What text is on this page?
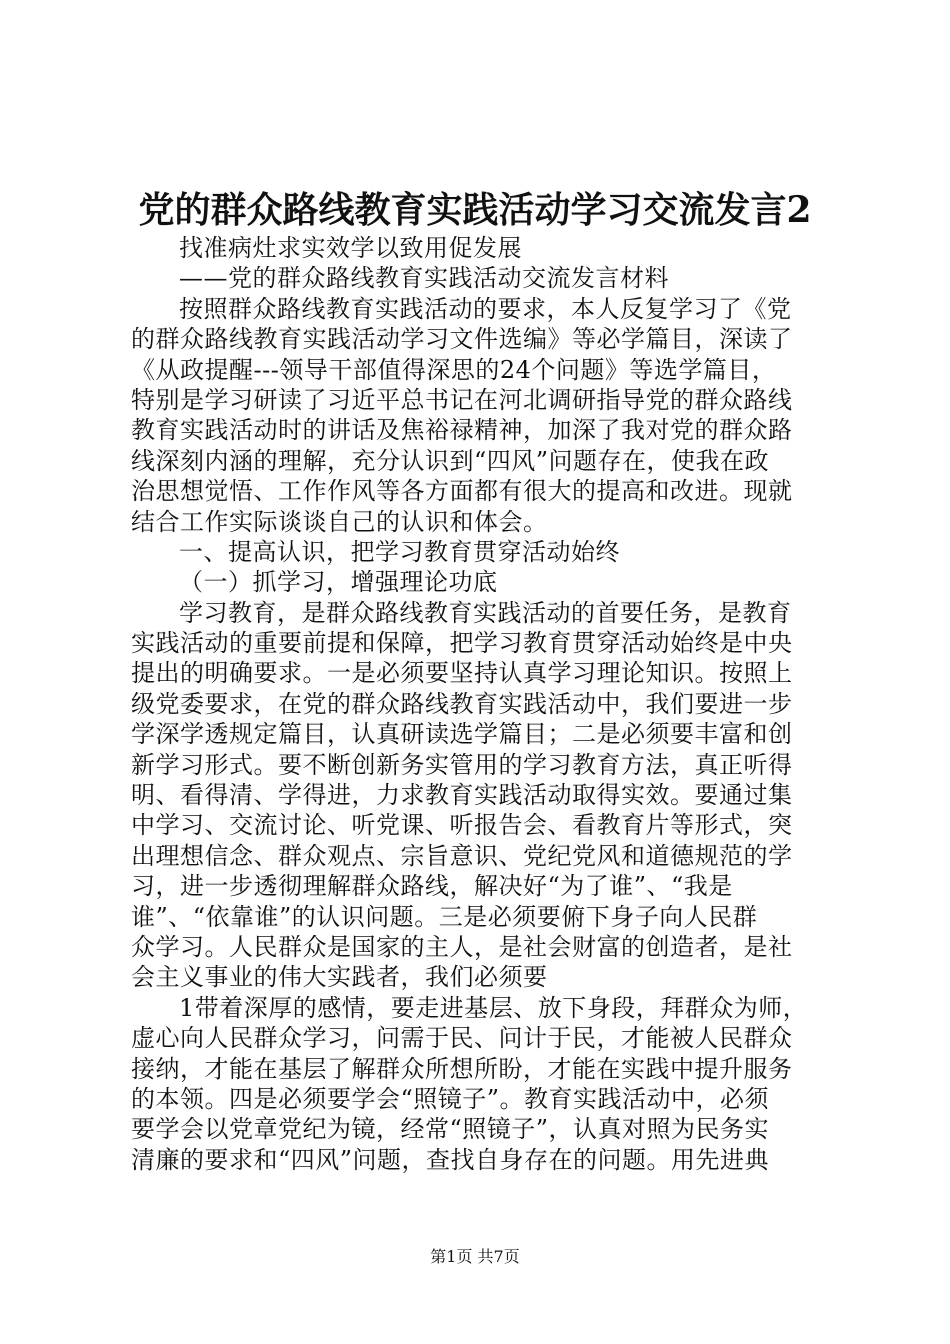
党的群众路线教育实践活动学习交流发言2
找准病灶求实效学以致用促发展
——党的群众路线教育实践活动交流发言材料
按照群众路线教育实践活动的要求，本人反复学习了《党
的群众路线教育实践活动学习文件选编》等必学篇目，深读了
《从政提醒---领导干部值得深思的24个问题》等选学篇目，
特别是学习研读了习近平总书记在河北调研指导党的群众路线
教育实践活动时的讲话及焦裕禄精神，加深了我对党的群众路
线深刻内涵的理解，充分认识到“四风”问题存在，使我在政
治思想觉悟、工作作风等各方面都有很大的提高和改进。现就
结合工作实际谈谈自己的认识和体会。
一、提高认识，把学习教育贯穿活动始终
（一）抓学习，增强理论功底
学习教育，是群众路线教育实践活动的首要任务，是教育
实践活动的重要前提和保障，把学习教育贯穿活动始终是中央
提出的明确要求。一是必须要坚持认真学习理论知识。按照上
级党委要求，在党的群众路线教育实践活动中，我们要进一步
学深学透规定篇目，认真研读选学篇目；二是必须要丰富和创
新学习形式。要不断创新务实管用的学习教育方法，真正听得
明、看得清、学得进，力求教育实践活动取得实效。要通过集
中学习、交流讨论、听党课、听报告会、看教育片等形式，突
出理想信念、群众观点、宗旨意识、党纪党风和道德规范的学
习，进一步透彻理解群众路线，解决好“为了谁”、“我是
谁”、“依靠谁”的认识问题。三是必须要俯下身子向人民群
众学习。人民群众是国家的主人，是社会财富的创造者，是社
会主义事业的伟大实践者，我们必须要
1带着深厚的感情，要走进基层、放下身段，拜群众为师，
虚心向人民群众学习，问需于民、问计于民，才能被人民群众
接纳，才能在基层了解群众所想所盼，才能在实践中提升服务
的本领。四是必须要学会“照镜子”。教育实践活动中，必须
要学会以党章党纪为镜，经常“照镜子”，认真对照为民务实
清廉的要求和“四风”问题，查找自身存在的问题。用先进典
第1页 共7页
